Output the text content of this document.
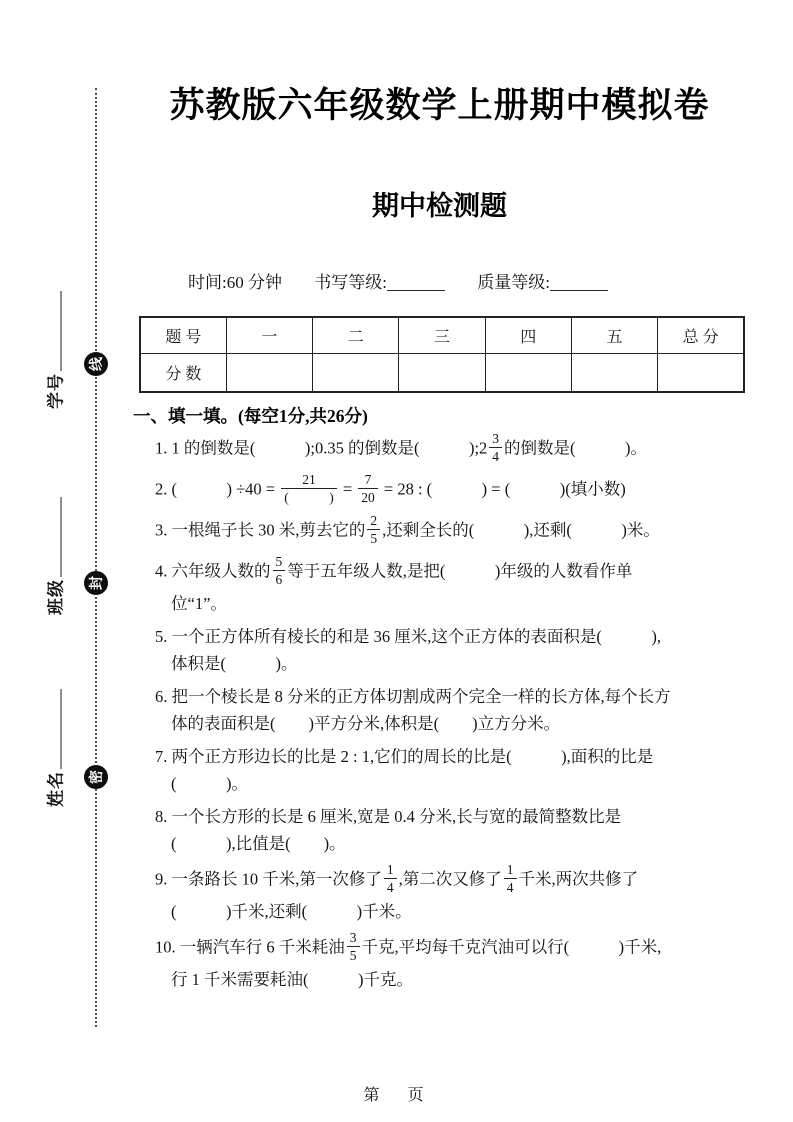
线
封
密
学号
班级
姓名
苏教版六年级数学上册期中模拟卷
期中检测题
时间:60 分钟 书写等级:	质量等级:
题 号	一	二	三	四	五	总 分
分 数						
一、填一填。(每空1分,共26分)
1. 1 的倒数是(　　　);0.35 的倒数是(　　　);2 $\frac{3}{4}$ 的倒数是(　　　)。
2. (　　　) $\div 40 = \frac{21}{( )} = \frac{7}{20} = 28$ : (　　　) = (　　　)(填小数)
3. 一根绳子长 30 米,剪去它的 $\frac{2}{5}$ ,还剩全长的(　　　),还剩(　　　)米。
4. 六年级人数的 $\frac{5}{6}$ 等于五年级人数,是把(　　　)年级的人数看作单
位“1”。
5. 一个正方体所有棱长的和是 36 厘米,这个正方体的表面积是(　　　),
体积是(　　　)。
6. 把一个棱长是 8 分米的正方体切割成两个完全一样的长方体,每个长方
体的表面积是(　　)平方分米,体积是(　　)立方分米。
7. 两个正方形边长的比是 2 : 1,它们的周长的比是(　　　),面积的比是
(　　　)。
8. 一个长方形的长是 6 厘米,宽是 0.4 分米,长与宽的最简整数比是
(　　　),比值是(　　)。
9. 一条路长 10 千米,第一次修了 $\frac{1}{4}$ ,第二次又修了 $\frac{1}{4}$ 千米,两次共修了
(　　　)千米,还剩(　　　)千米。
10. 一辆汽车行 6 千米耗油 $\frac{3}{5}$ 千克,平均每千克汽油可以行(　　　)千米,
行 1 千米需要耗油(　　　)千克。
第　页
